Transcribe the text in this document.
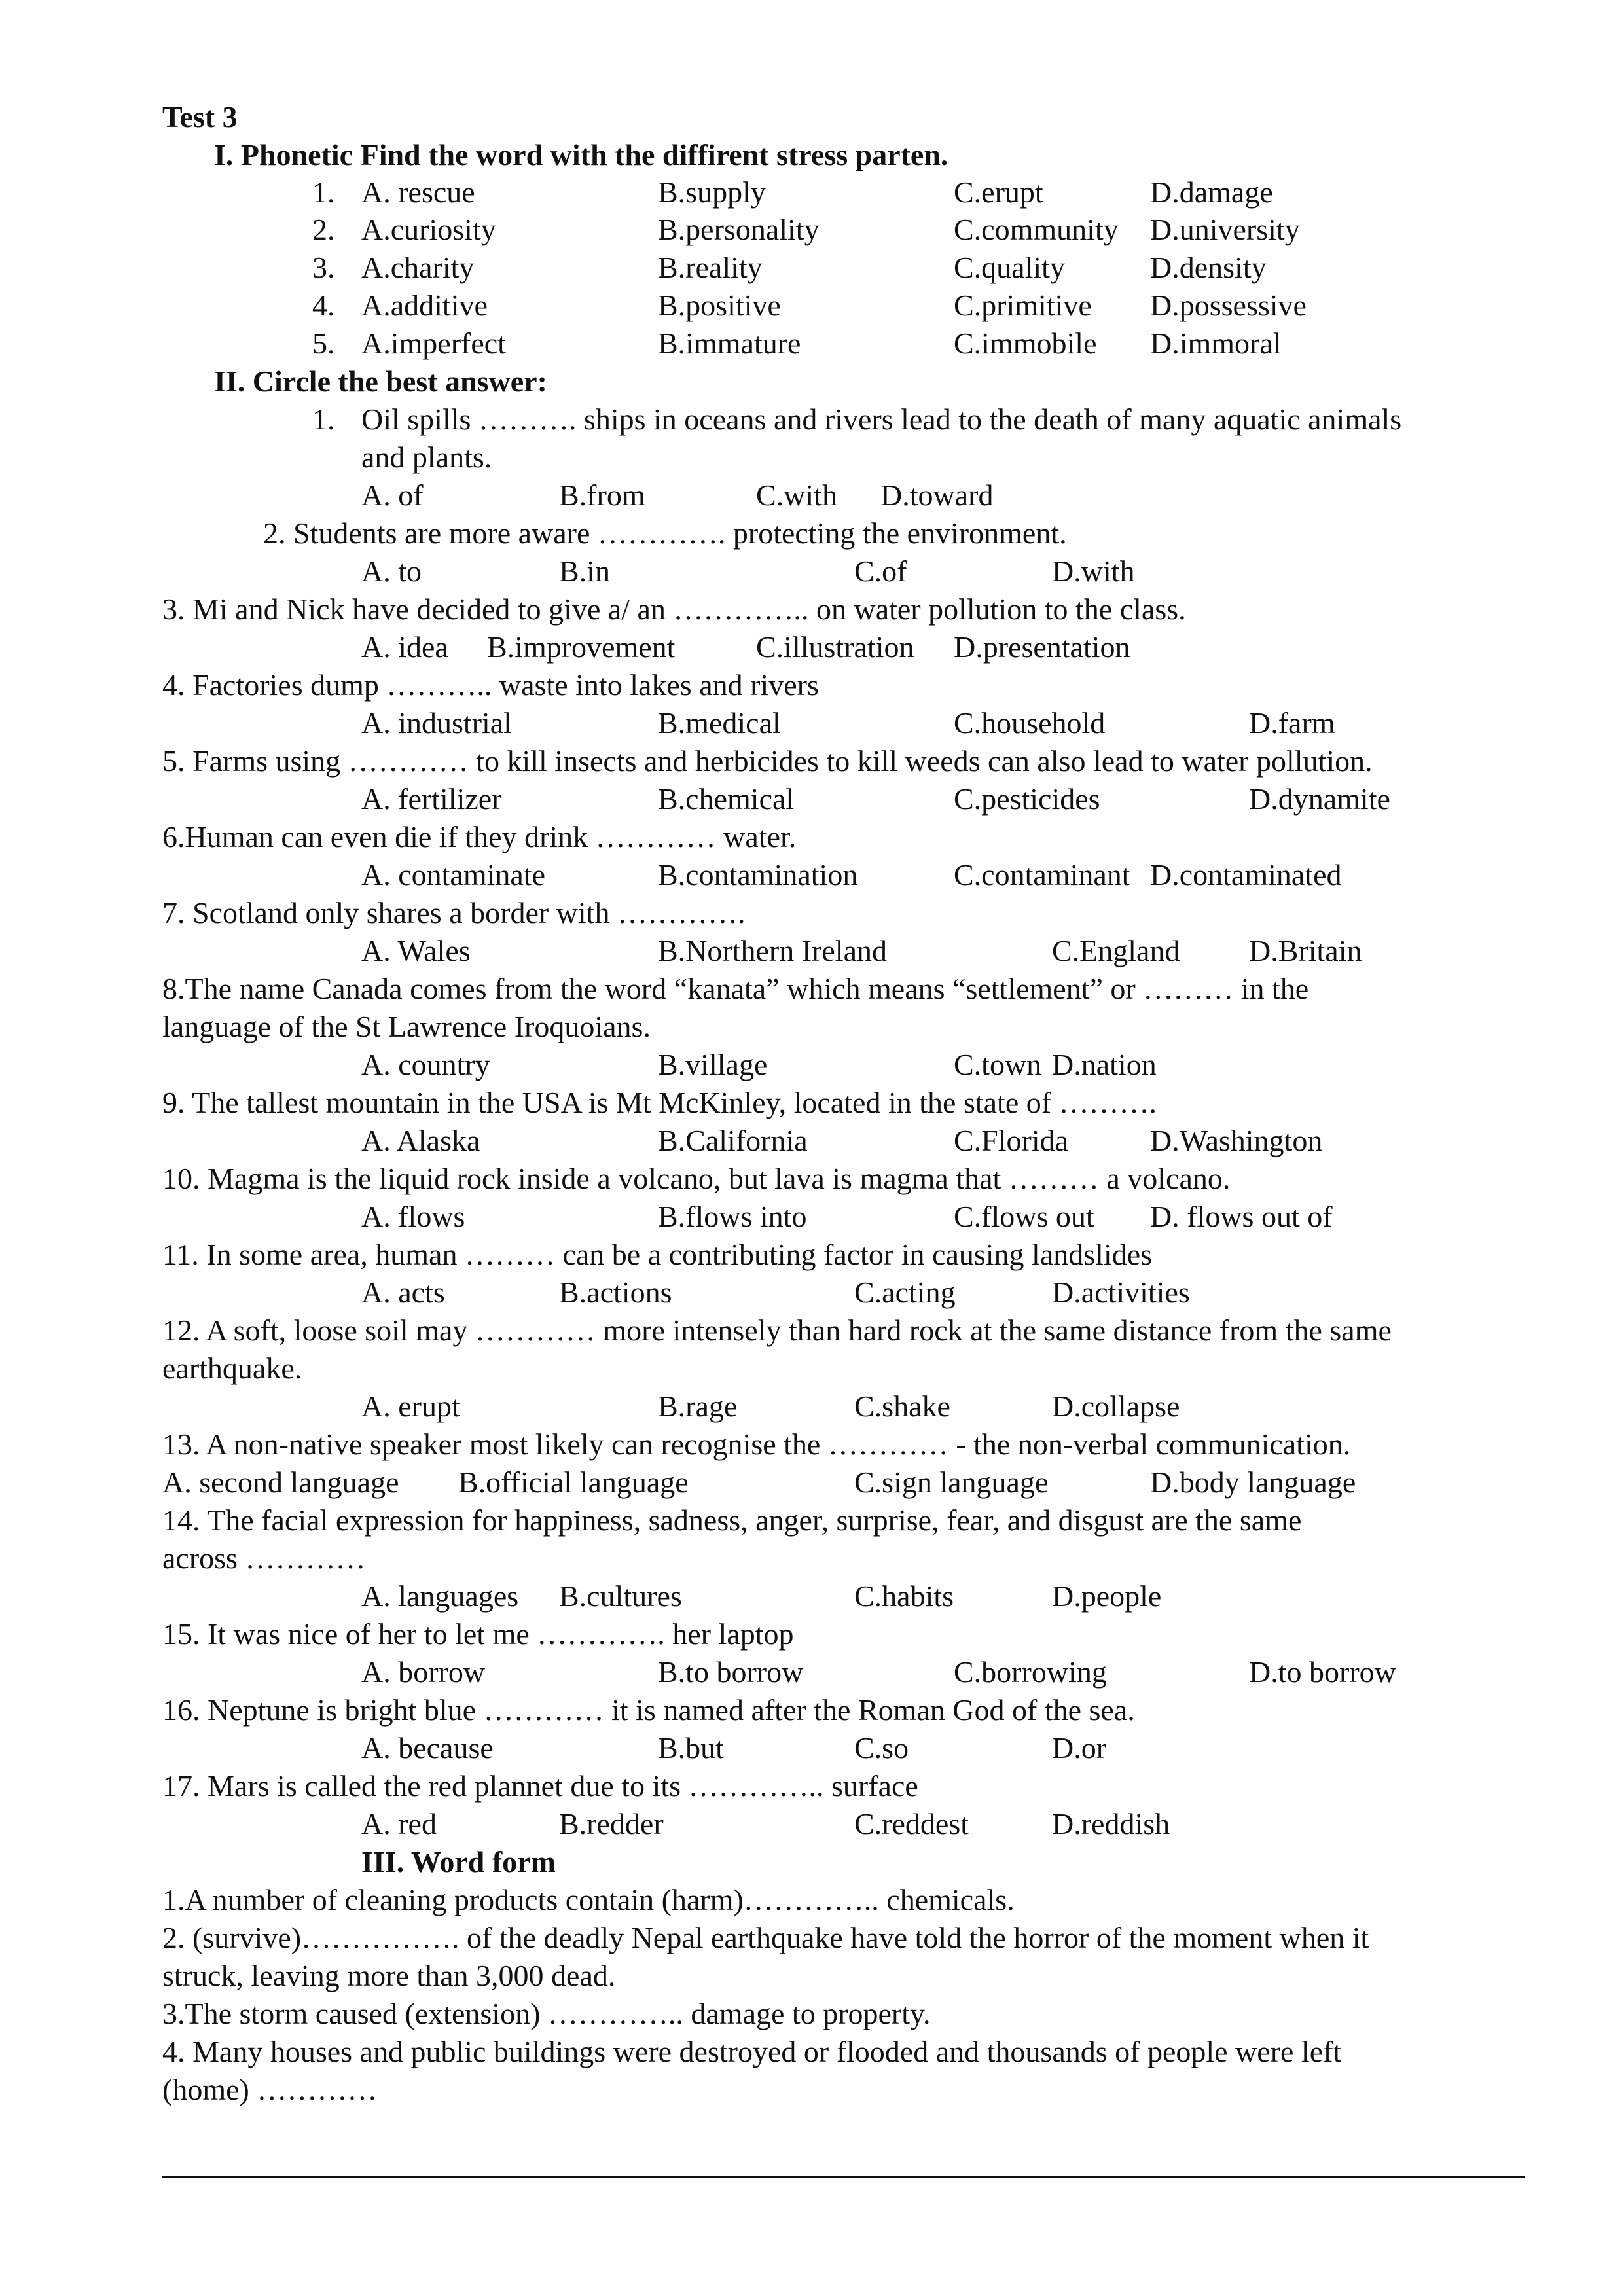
Test 3
I. Phonetic Find the word with the diffirent stress parten.
1. A. rescue	B.supply	C.erupt	D.damage
2. A.curiosity	B.personality	C.community D.university
3. A.charity	B.reality	C.quality	D.density
4. A.additive	B.positive	C.primitive D.possessive
5. A.imperfect	B.immature	C.immobile D.immoral
II. Circle the best answer:
1. Oil spills ………. ships in oceans and rivers lead to the death of many aquatic animals
and plants.
A. of	B.from	C.with D.toward
2. Students are more aware …………. protecting the environment.
A. to	B.in	C.of	D.with
3. Mi and Nick have decided to give a/ an ………….. on water pollution to the class.
A. idea B.improvement	C.illustration D.presentation
4. Factories dump ……….. waste into lakes and rivers
A. industrial	B.medical	C.household	D.farm
5. Farms using ………… to kill insects and herbicides to kill weeds can also lead to water pollution.
A. fertilizer	B.chemical	C.pesticides	D.dynamite
6.Human can even die if they drink ………… water.
A. contaminate	B.contamination	C.contaminant D.contaminated
7. Scotland only shares a border with ………….
A. Wales	B.Northern Ireland	C.England D.Britain
8.The name Canada comes from the word “kanata” which means “settlement” or ……… in the
language of the St Lawrence Iroquoians.
A. country	B.village	C.town D.nation
9. The tallest mountain in the USA is Mt McKinley, located in the state of ……….
A. Alaska	B.California	C.Florida	D.Washington
10. Magma is the liquid rock inside a volcano, but lava is magma that ……… a volcano.
A. flows	B.flows into	C.flows out D. flows out of
11. In some area, human ……… can be a contributing factor in causing landslides
A. acts	B.actions	C.acting	D.activities
12. A soft, loose soil may ………… more intensely than hard rock at the same distance from the same
earthquake.
A. erupt	B.rage	C.shake	D.collapse
13. A non-native speaker most likely can recognise the ………… - the non-verbal communication.
A. second language B.official language	C.sign language	D.body language
14. The facial expression for happiness, sadness, anger, surprise, fear, and disgust are the same
across …………
A. languages B.cultures	C.habits	D.people
15. It was nice of her to let me …………. her laptop
A. borrow	B.to borrow	C.borrowing	D.to borrow
16. Neptune is bright blue ………… it is named after the Roman God of the sea.
A. because	B.but	C.so	D.or
17. Mars is called the red plannet due to its ………….. surface
A. red	B.redder	C.reddest	D.reddish
III. Word form
1.A number of cleaning products contain (harm)………….. chemicals.
2. (survive)……………. of the deadly Nepal earthquake have told the horror of the moment when it
struck, leaving more than 3,000 dead.
3.The storm caused (extension) ………….. damage to property.
4. Many houses and public buildings were destroyed or flooded and thousands of people were left
(home) …………
